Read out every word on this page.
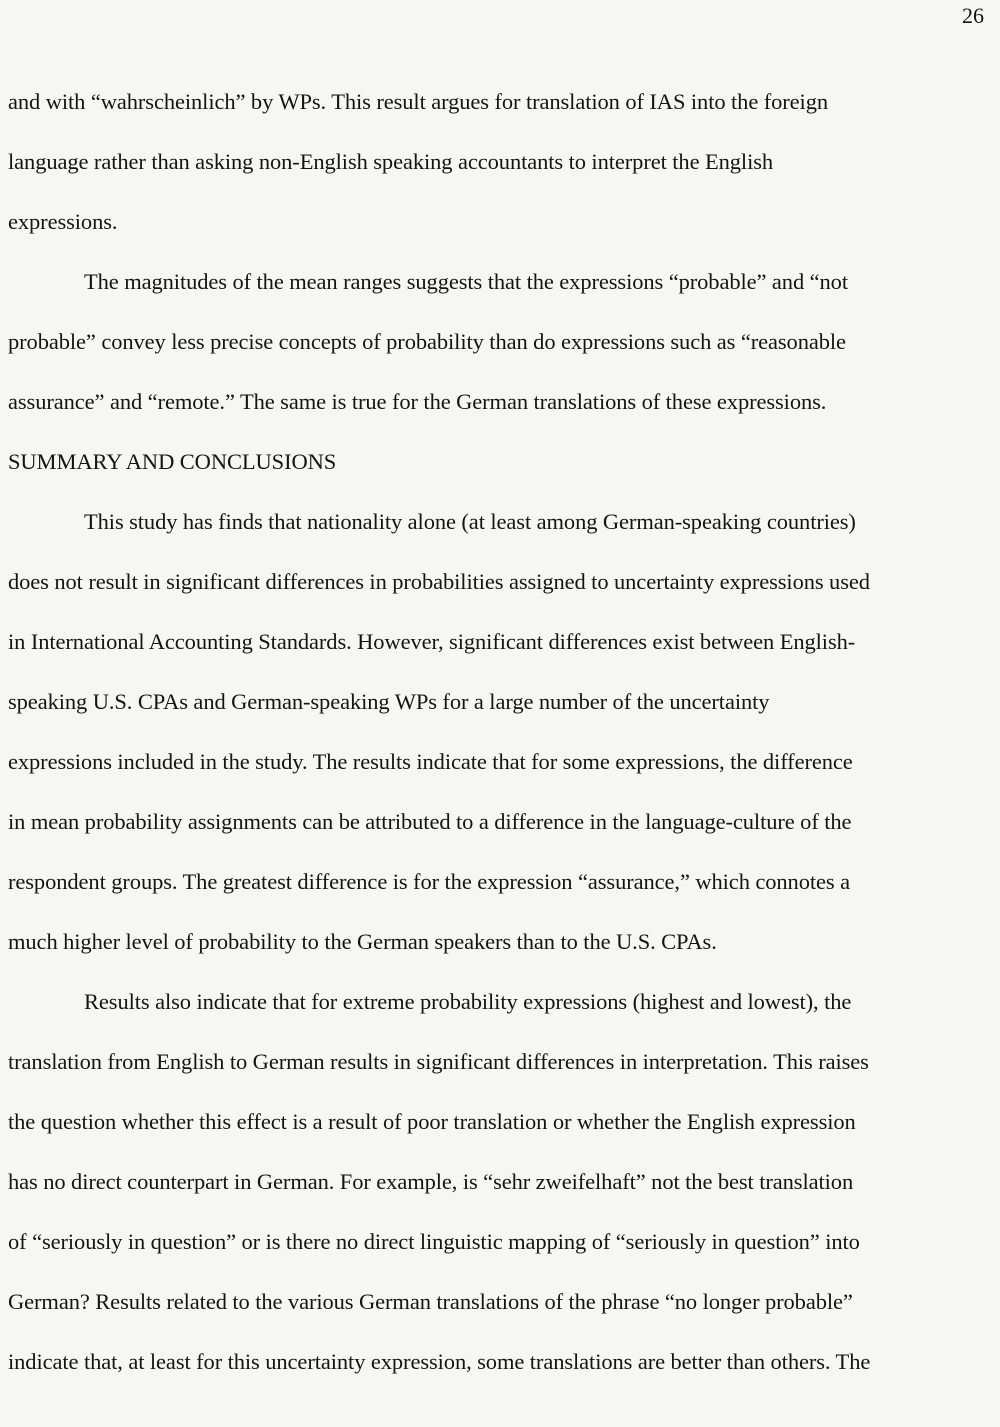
26

and with “wahrscheinlich” by WPs. This result argues for translation of IAS into the foreign

language rather than asking non-English speaking accountants to interpret the English

expressions.

The magnitudes of the mean ranges suggests that the expressions “probable” and “not

probable” convey less precise concepts of probability than do expressions such as “reasonable

assurance” and “remote.” The same is true for the German translations of these expressions.

SUMMARY AND CONCLUSIONS

This study has finds that nationality alone (at least among German-speaking countries)

does not result in significant differences in probabilities assigned to uncertainty expressions used

in International Accounting Standards. However, significant differences exist between English-

speaking U.S. CPAs and German-speaking WPs for a large number of the uncertainty

expressions included in the study. The results indicate that for some expressions, the difference

in mean probability assignments can be attributed to a difference in the language-culture of the

respondent groups. The greatest difference is for the expression “assurance,” which connotes a

much higher level of probability to the German speakers than to the U.S. CPAs.

Results also indicate that for extreme probability expressions (highest and lowest), the

translation from English to German results in significant differences in interpretation. This raises

the question whether this effect is a result of poor translation or whether the English expression

has no direct counterpart in German. For example, is “sehr zweifelhaft” not the best translation

of “seriously in question” or is there no direct linguistic mapping of “seriously in question” into

German? Results related to the various German translations of the phrase “no longer probable”

indicate that, at least for this uncertainty expression, some translations are better than others. The
